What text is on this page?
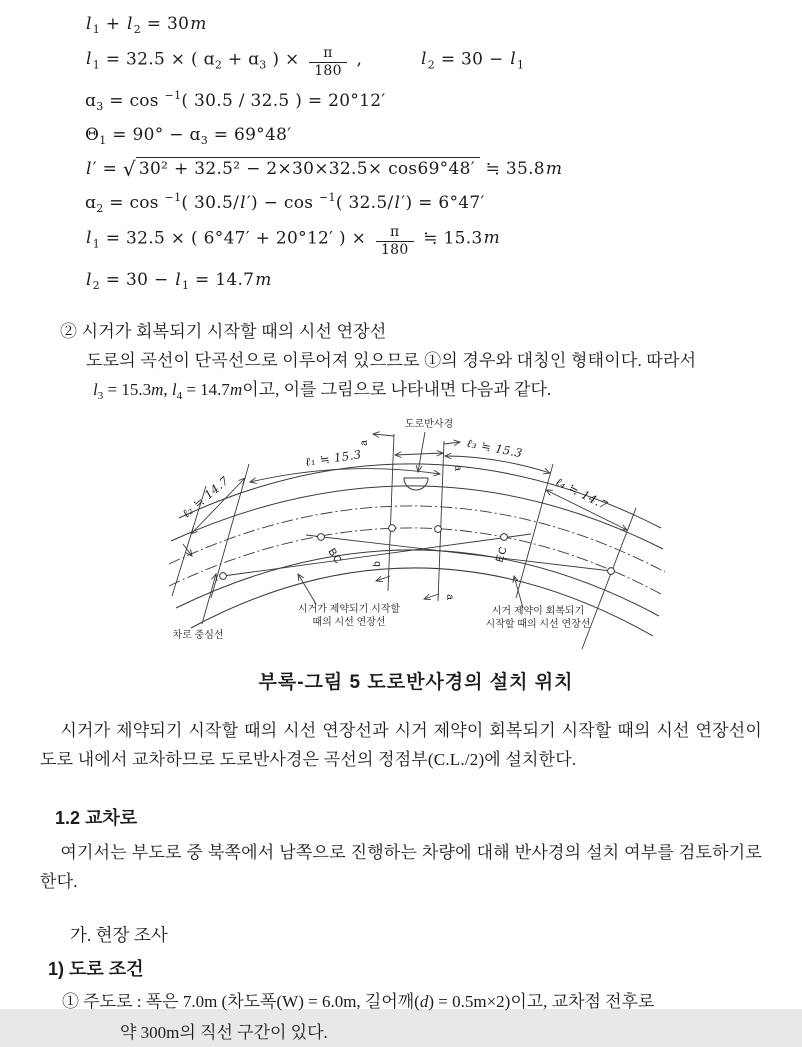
$l_1 + l_2 = 30m$
$l_1 = 32.5$ × ( ɑ$_2$ + ɑ$_3$ ) × $\frac{\pi}{180}$ ,	$l_2 = 30 - l_1$
ɑ$_3$ = cos $^{-1}$( 30.5 / 32.5 ) = 20°12′
$\Theta_1 = 90^\circ$ − ɑ$_3$ = 69°48′
l′ = √ 30² + 32.5² − 2×30×32.5× cos69°48′ ≒ 35.8m
ɑ$_2$ = cos $^{-1}$( 30.5/l′) − cos $^{-1}$( 32.5/l′) = 6°47′
$l_1 = 32.5$ × ( 6°47′ + 20°12′ ) × $\frac{\pi}{180}$ ≒ 15.3m
$l_2 = 30 - l_1 = 14.7m$
② 시거가 회복되기 시작할 때의 시선 연장선
도로의 곡선이 단곡선으로 이루어져 있으므로 ①의 경우와 대칭인 형태이다. 따라서
$l_3 = 15.3m$, $l_4 = 14.7m$이고, 이를 그림으로 나타내면 다음과 같다.
a
b
a
a
ℓ₂ ≒ 14.7
ℓ₁ ≒ 15.3	ℓ₃ ≒ 15.3
ℓ₄ ≒ 14.7
도로반사경
BC	EC
시거가 제약되기 시작할
때의 시선 연장선
시거 제약이 회복되기
시작할 때의 시선 연장선
차로 중심선
부록-그림 5 도로반사경의 설치 위치
시거가 제약되기 시작할 때의 시선 연장선과 시거 제약이 회복되기 시작할 때의 시선 연장선이 도로 내에서 교차하므로 도로반사경은 곡선의 정점부(C.L./2)에 설치한다.
1.2 교차로
여기서는 부도로 중 북쪽에서 남쪽으로 진행하는 차량에 대해 반사경의 설치 여부를 검토하기로 한다.
가. 현장 조사
1) 도로 조건
① 주도로 : 폭은 7.0m (차도폭(W) = 6.0m, 길어깨(d) = 0.5m×2)이고, 교차점 전후로
약 300m의 직선 구간이 있다.
